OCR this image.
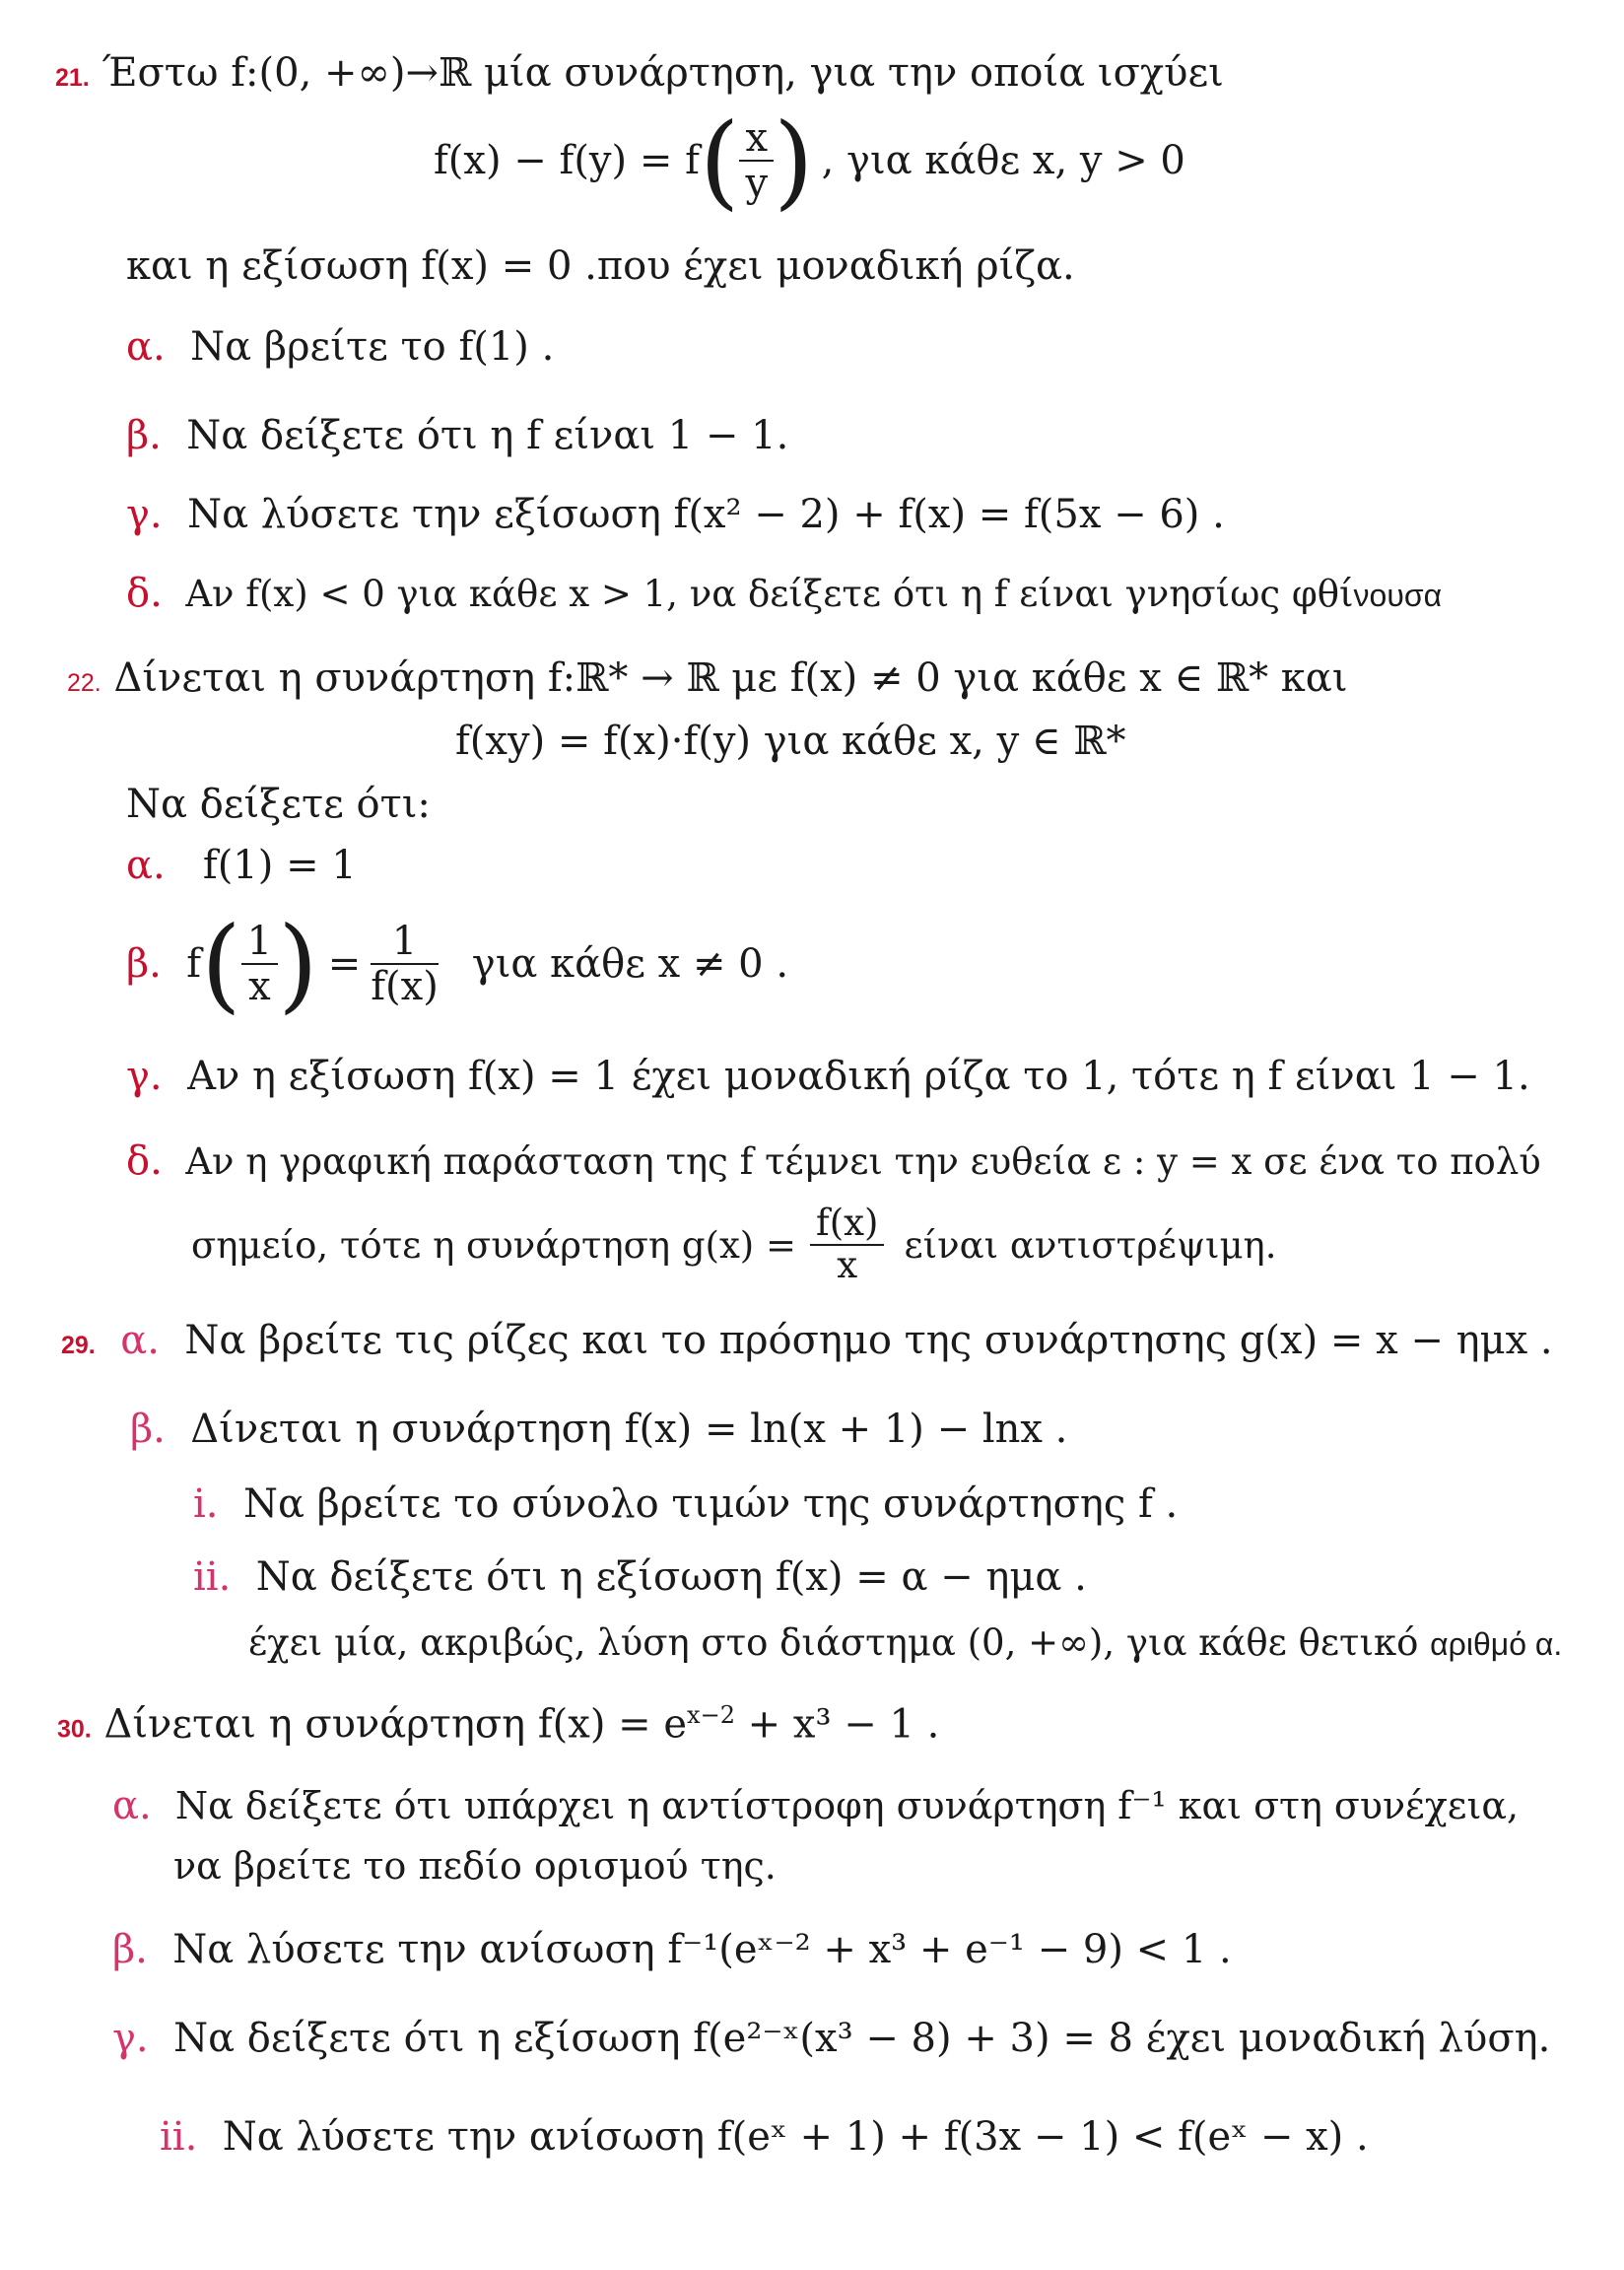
21. Έστω f:(0, +∞)→ℝ μία συνάρτηση, για την οποία ισχύει
f(x) − f(y) = f ( $\frac{x}{y}$ ) , για κάθε x, y > 0
και η εξίσωση f(x) = 0 .που έχει μοναδική ρίζα.
α. Να βρείτε το f(1) .
β. Να δείξετε ότι η f είναι 1 − 1.
γ. Να λύσετε την εξίσωση f(x² − 2) + f(x) = f(5x − 6) .
δ. Αν f(x) < 0 για κάθε x > 1, να δείξετε ότι η f είναι γνησίως φθίνουσα
22. Δίνεται η συνάρτηση f:ℝ* → ℝ με f(x) ≠ 0 για κάθε x ∈ ℝ* και
f(xy) = f(x)·f(y) για κάθε x, y ∈ ℝ*
Να δείξετε ότι:
α. f(1) = 1
β.
f ( $\frac{1}{x}$ ) = $\frac{1}{f(x)}$ για κάθε x ≠ 0 .
γ. Αν η εξίσωση f(x) = 1 έχει μοναδική ρίζα το 1, τότε η f είναι 1 − 1.
δ. Αν η γραφική παράσταση της f τέμνει την ευθεία ε : y = x σε ένα το πολύ
σημείο, τότε η συνάρτηση $g(x) = \frac{f(x)}{x}$ είναι αντιστρέψιμη.
29. α. Να βρείτε τις ρίζες και το πρόσημο της συνάρτησης g(x) = x − ημx .
β. Δίνεται η συνάρτηση f(x) = ln(x + 1) − lnx .
i. Να βρείτε το σύνολο τιμών της συνάρτησης f .
ii. Να δείξετε ότι η εξίσωση f(x) = α − ημα .
έχει μία, ακριβώς, λύση στο διάστημα (0, +∞), για κάθε θετικό αριθμό α.
30. Δίνεται η συνάρτηση $f(x) = e^{x-2} + x^3 - 1$ .
α. Να δείξετε ότι υπάρχει η αντίστροφη συνάρτηση f⁻¹ και στη συνέχεια,
να βρείτε το πεδίο ορισμού της.
β. Να λύσετε την ανίσωση f⁻¹(eˣ⁻² + x³ + e⁻¹ − 9) < 1 .
γ. Να δείξετε ότι η εξίσωση f(e²⁻ˣ(x³ − 8) + 3) = 8 έχει μοναδική λύση.
ii. Να λύσετε την ανίσωση f(eˣ + 1) + f(3x − 1) < f(eˣ − x) .
